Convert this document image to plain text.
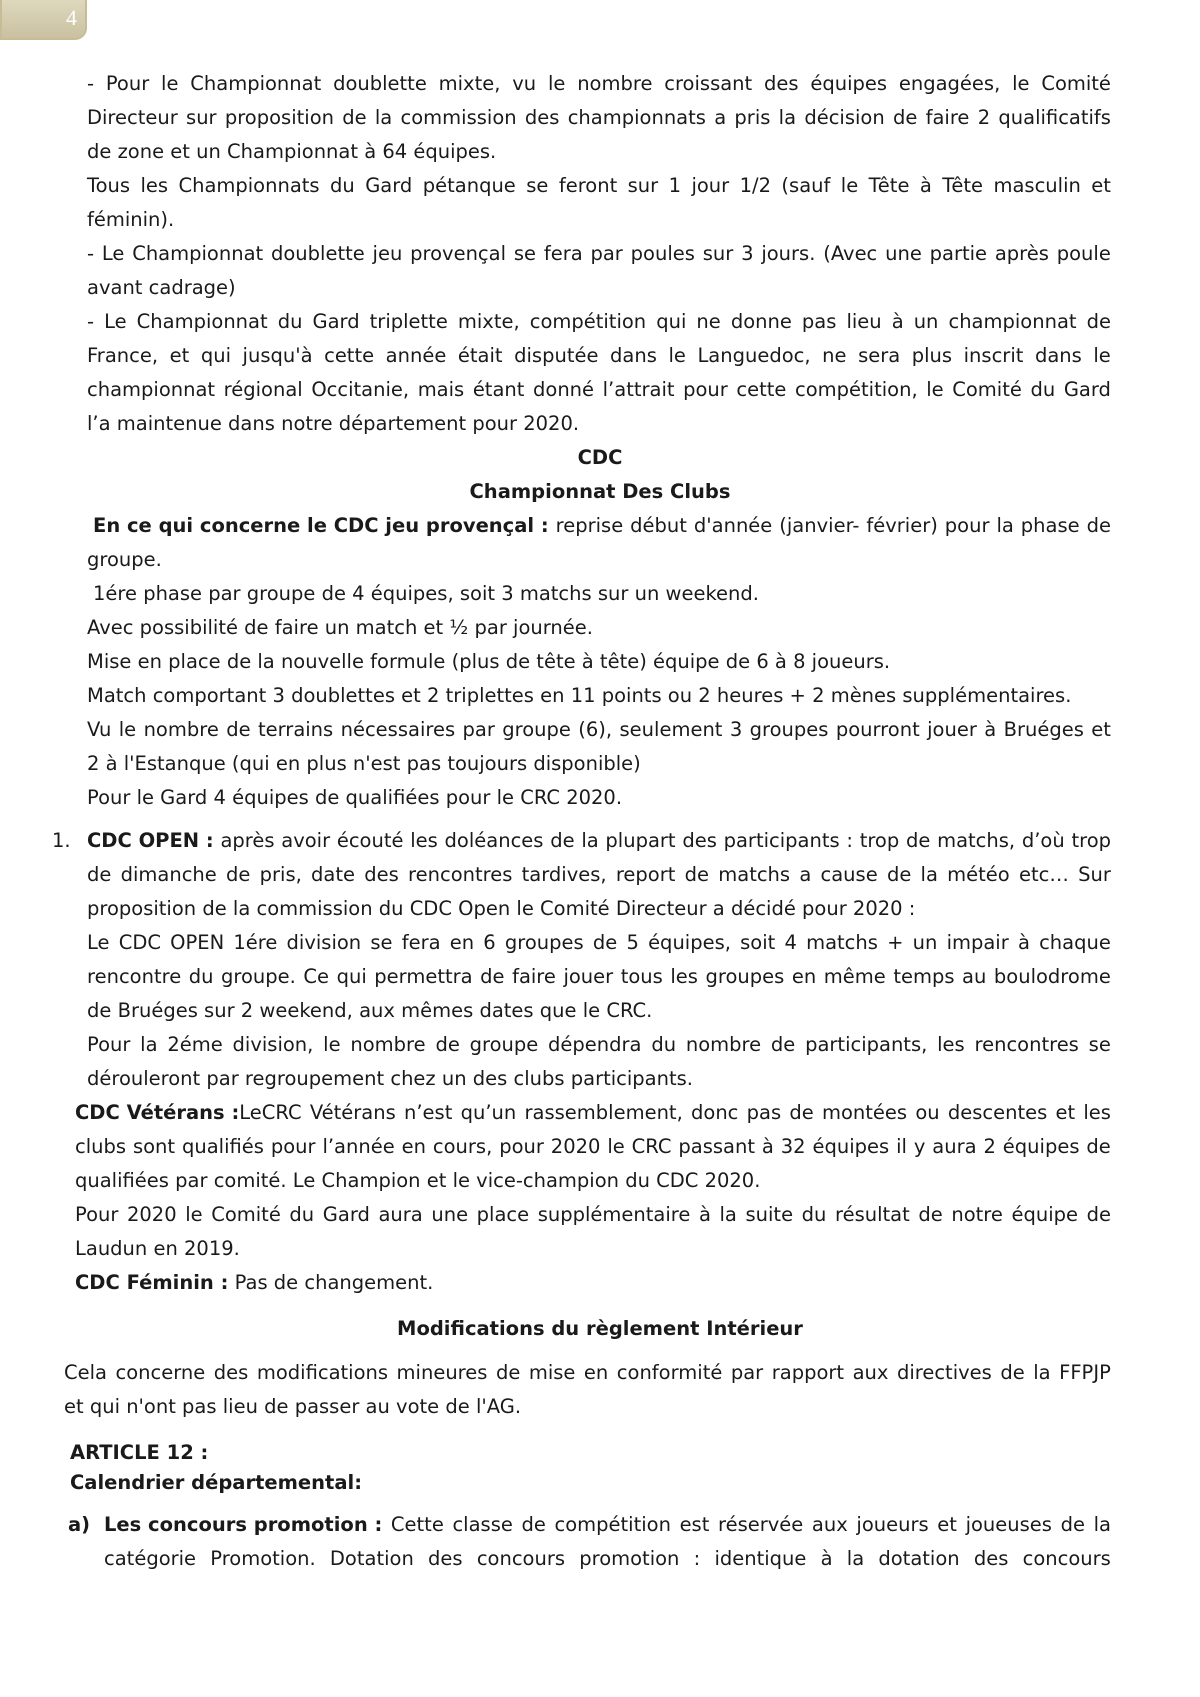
4
- Pour le Championnat doublette mixte, vu le nombre croissant des équipes engagées, le Comité
Directeur sur proposition de la commission des championnats a pris la décision de faire 2 qualificatifs
de zone et un Championnat à 64 équipes.
Tous les Championnats du Gard pétanque se feront sur 1 jour 1/2 (sauf le Tête à Tête masculin et
féminin).
- Le Championnat doublette jeu provençal se fera par poules sur 3 jours. (Avec une partie après poule
avant cadrage)
- Le Championnat du Gard triplette mixte, compétition qui ne donne pas lieu à un championnat de
France, et qui jusqu'à cette année était disputée dans le Languedoc, ne sera plus inscrit dans le
championnat régional Occitanie, mais étant donné l’attrait pour cette compétition, le Comité du Gard
l’a maintenue dans notre département pour 2020.
CDC
Championnat Des Clubs
En ce qui concerne le CDC jeu provençal : reprise début d'année (janvier- février) pour la phase de
groupe.
1ére phase par groupe de 4 équipes, soit 3 matchs sur un weekend.
Avec possibilité de faire un match et ½ par journée.
Mise en place de la nouvelle formule (plus de tête à tête) équipe de 6 à 8 joueurs.
Match comportant 3 doublettes et 2 triplettes en 11 points ou 2 heures + 2 mènes supplémentaires.
Vu le nombre de terrains nécessaires par groupe (6), seulement 3 groupes pourront jouer à Bruéges et
2 à l'Estanque (qui en plus n'est pas toujours disponible)
Pour le Gard 4 équipes de qualifiées pour le CRC 2020.
1. CDC OPEN : après avoir écouté les doléances de la plupart des participants : trop de matchs, d’où trop
de dimanche de pris, date des rencontres tardives, report de matchs a cause de la météo etc… Sur
proposition de la commission du CDC Open le Comité Directeur a décidé pour 2020 :
Le CDC OPEN 1ére division se fera en 6 groupes de 5 équipes, soit 4 matchs + un impair à chaque
rencontre du groupe. Ce qui permettra de faire jouer tous les groupes en même temps au boulodrome
de Bruéges sur 2 weekend, aux mêmes dates que le CRC.
Pour la 2éme division, le nombre de groupe dépendra du nombre de participants, les rencontres se
dérouleront par regroupement chez un des clubs participants.
CDC Vétérans :LeCRC Vétérans n’est qu’un rassemblement, donc pas de montées ou descentes et les
clubs sont qualifiés pour l’année en cours, pour 2020 le CRC passant à 32 équipes il y aura 2 équipes de
qualifiées par comité. Le Champion et le vice-champion du CDC 2020.
Pour 2020 le Comité du Gard aura une place supplémentaire à la suite du résultat de notre équipe de
Laudun en 2019.
CDC Féminin : Pas de changement.
Modifications du règlement Intérieur
Cela concerne des modifications mineures de mise en conformité par rapport aux directives de la FFPJP
et qui n'ont pas lieu de passer au vote de l'AG.
ARTICLE 12 :
Calendrier départemental:
a) Les concours promotion : Cette classe de compétition est réservée aux joueurs et joueuses de la
catégorie Promotion. Dotation des concours promotion : identique à la dotation des concours
